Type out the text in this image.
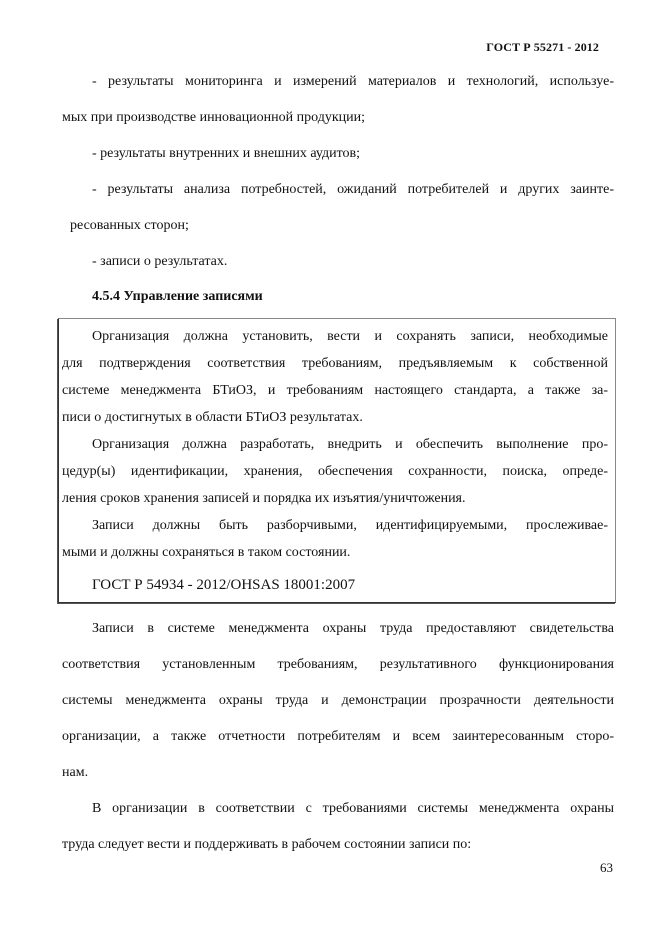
ГОСТ Р 55271 - 2012
- результаты мониторинга и измерений материалов и технологий, используе-
мых при производстве инновационной продукции;
- результаты внутренних и внешних аудитов;
- результаты анализа потребностей, ожиданий потребителей и других заинте-
ресованных сторон;
- записи о результатах.
4.5.4 Управление записями
Организация должна установить, вести и сохранять записи, необходимые
для подтверждения соответствия требованиям, предъявляемым к собственной
системе менеджмента БТиОЗ, и требованиям настоящего стандарта, а также за-
писи о достигнутых в области БТиОЗ результатах.
Организация должна разработать, внедрить и обеспечить выполнение про-
цедур(ы) идентификации, хранения, обеспечения сохранности, поиска, опреде-
ления сроков хранения записей и порядка их изъятия/уничтожения.
Записи должны быть разборчивыми, идентифицируемыми, прослеживае-
мыми и должны сохраняться в таком состоянии.
ГОСТ Р 54934 - 2012/OHSAS 18001:2007
Записи в системе менеджмента охраны труда предоставляют свидетельства
соответствия установленным требованиям, результативного функционирования
системы менеджмента охраны труда и демонстрации прозрачности деятельности
организации, а также отчетности потребителям и всем заинтересованным сторо-
нам.
В организации в соответствии с требованиями системы менеджмента охраны
труда следует вести и поддерживать в рабочем состоянии записи по:
63
